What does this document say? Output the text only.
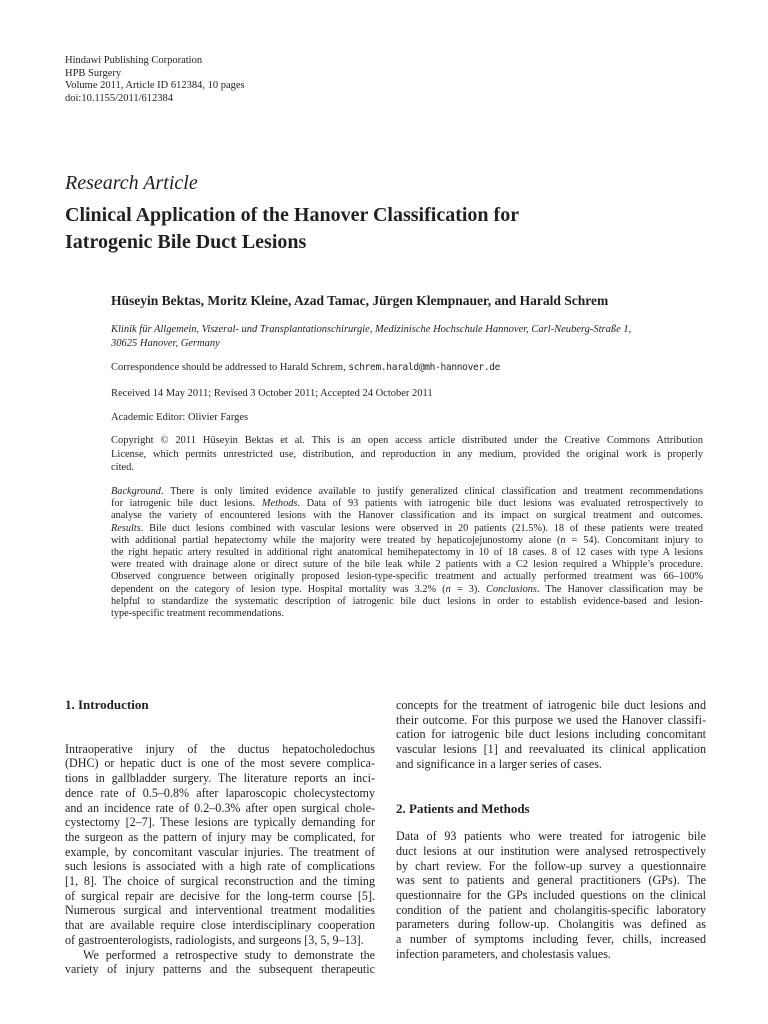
Hindawi Publishing Corporation
HPB Surgery
Volume 2011, Article ID 612384, 10 pages
doi:10.1155/2011/612384
Research Article
Clinical Application of the Hanover Classification for
Iatrogenic Bile Duct Lesions
Hüseyin Bektas, Moritz Kleine, Azad Tamac, Jürgen Klempnauer, and Harald Schrem
Klinik für Allgemein, Viszeral- und Transplantationschirurgie, Medizinische Hochschule Hannover, Carl-Neuberg-Straße 1,
30625 Hanover, Germany
Correspondence should be addressed to Harald Schrem, schrem.harald@mh-hannover.de
Received 14 May 2011; Revised 3 October 2011; Accepted 24 October 2011
Academic Editor: Olivier Farges
Copyright © 2011 Hüseyin Bektas et al. This is an open access article distributed under the Creative Commons Attribution
License, which permits unrestricted use, distribution, and reproduction in any medium, provided the original work is properly
cited.
Background. There is only limited evidence available to justify generalized clinical classification and treatment recommendations
for iatrogenic bile duct lesions. Methods. Data of 93 patients with iatrogenic bile duct lesions was evaluated retrospectively to
analyse the variety of encountered lesions with the Hanover classification and its impact on surgical treatment and outcomes.
Results. Bile duct lesions combined with vascular lesions were observed in 20 patients (21.5%). 18 of these patients were treated
with additional partial hepatectomy while the majority were treated by hepaticojejunostomy alone (n = 54). Concomitant injury to
the right hepatic artery resulted in additional right anatomical hemihepatectomy in 10 of 18 cases. 8 of 12 cases with type A lesions
were treated with drainage alone or direct suture of the bile leak while 2 patients with a C2 lesion required a Whipple’s procedure.
Observed congruence between originally proposed lesion-type-specific treatment and actually performed treatment was 66–100%
dependent on the category of lesion type. Hospital mortality was 3.2% (n = 3). Conclusions. The Hanover classification may be
helpful to standardize the systematic description of iatrogenic bile duct lesions in order to establish evidence-based and lesion-
type-specific treatment recommendations.
1. Introduction
Intraoperative injury of the ductus hepatocholedochus
(DHC) or hepatic duct is one of the most severe complica-
tions in gallbladder surgery. The literature reports an inci-
dence rate of 0.5–0.8% after laparoscopic cholecystectomy
and an incidence rate of 0.2–0.3% after open surgical chole-
cystectomy [2–7]. These lesions are typically demanding for
the surgeon as the pattern of injury may be complicated, for
example, by concomitant vascular injuries. The treatment of
such lesions is associated with a high rate of complications
[1, 8]. The choice of surgical reconstruction and the timing
of surgical repair are decisive for the long-term course [5].
Numerous surgical and interventional treatment modalities
that are available require close interdisciplinary cooperation
of gastroenterologists, radiologists, and surgeons [3, 5, 9–13].
We performed a retrospective study to demonstrate the
variety of injury patterns and the subsequent therapeutic
concepts for the treatment of iatrogenic bile duct lesions and
their outcome. For this purpose we used the Hanover classifi-
cation for iatrogenic bile duct lesions including concomitant
vascular lesions [1] and reevaluated its clinical application
and significance in a larger series of cases.
2. Patients and Methods
Data of 93 patients who were treated for iatrogenic bile
duct lesions at our institution were analysed retrospectively
by chart review. For the follow-up survey a questionnaire
was sent to patients and general practitioners (GPs). The
questionnaire for the GPs included questions on the clinical
condition of the patient and cholangitis-specific laboratory
parameters during follow-up. Cholangitis was defined as
a number of symptoms including fever, chills, increased
infection parameters, and cholestasis values.
